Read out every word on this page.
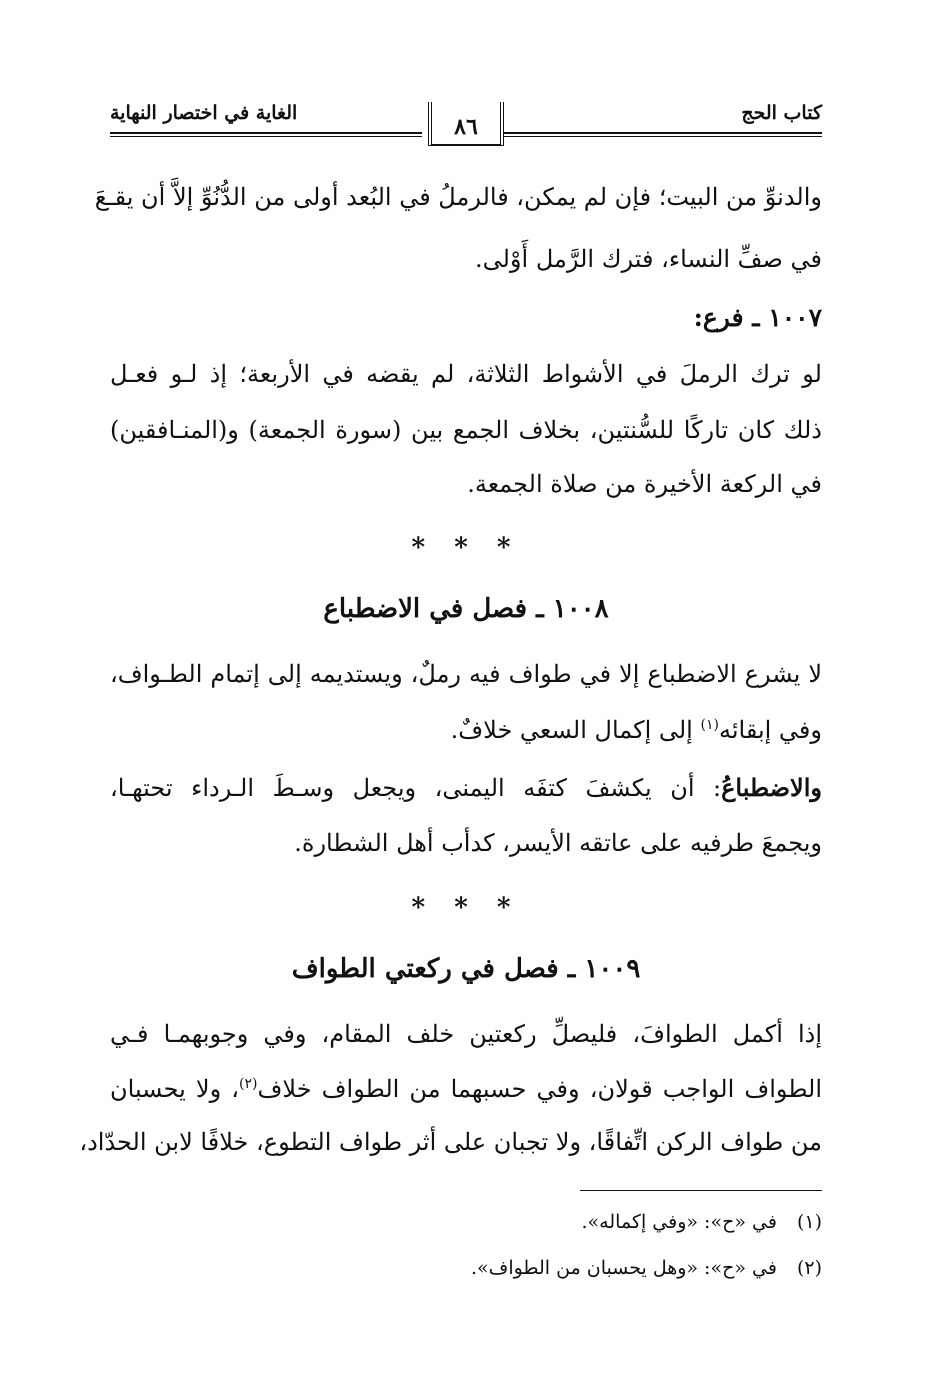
كتاب الحج
الغاية في اختصار النهاية
٨٦
والدنوِّ من البيت؛ فإن لم يمكن، فالرملُ في البُعد أولى من الدُّنُوِّ إلاَّ أن يقـعَ
في صفِّ النساء، فترك الرَّمل أَوْلى.
١٠٠٧ ـ فرع:
لو ترك الرملَ في الأشواط الثلاثة، لم يقضه في الأربعة؛ إذ لـو فعـل
ذلك كان تاركًا للسُّنتين، بخلاف الجمع بين (سورة الجمعة) و(المنـافقين)
في الركعة الأخيرة من صلاة الجمعة.
* * *
١٠٠٨ ـ فصل في الاضطباع
لا يشرع الاضطباع إلا في طواف فيه رملٌ، ويستديمه إلى إتمام الطـواف،
وفي إبقائه$^{(١)}$ إلى إكمال السعي خلافٌ.
والاضطباعُ: أن يكشفَ كتفَه اليمنى، ويجعل وسـطَ الـرداء تحتهـا،
ويجمعَ طرفيه على عاتقه الأيسر، كدأب أهل الشطارة.
* * *
١٠٠٩ ـ فصل في ركعتي الطواف
إذا أكمل الطوافَ، فليصلِّ ركعتين خلف المقام، وفي وجوبهمـا فـي
الطواف الواجب قولان، وفي حسبهما من الطواف خلاف$^{(٢)}$، ولا يحسبان
من طواف الركن اتِّفاقًا، ولا تجبان على أثر طواف التطوع، خلافًا لابن الحدّاد،
(١)في «ح»: «وفي إكماله».
(٢)في «ح»: «وهل يحسبان من الطواف».
